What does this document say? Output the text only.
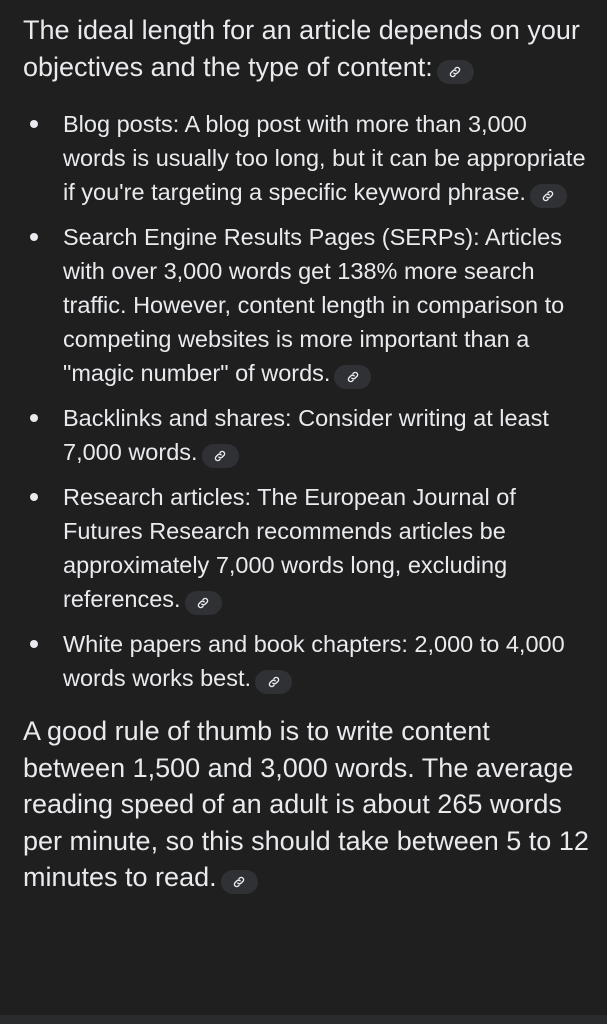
The ideal length for an article depends on your objectives and the type of content:

Blog posts: A blog post with more than 3,000 words is usually too long, but it can be appropriate if you're targeting a specific keyword phrase.
Search Engine Results Pages (SERPs): Articles with over 3,000 words get 138% more search traffic. However, content length in comparison to competing websites is more important than a "magic number" of words.
Backlinks and shares: Consider writing at least 7,000 words.
Research articles: The European Journal of Futures Research recommends articles be approximately 7,000 words long, excluding references.
White papers and book chapters: 2,000 to 4,000 words works best.

A good rule of thumb is to write content between 1,500 and 3,000 words. The average reading speed of an adult is about 265 words per minute, so this should take between 5 to 12 minutes to read.
